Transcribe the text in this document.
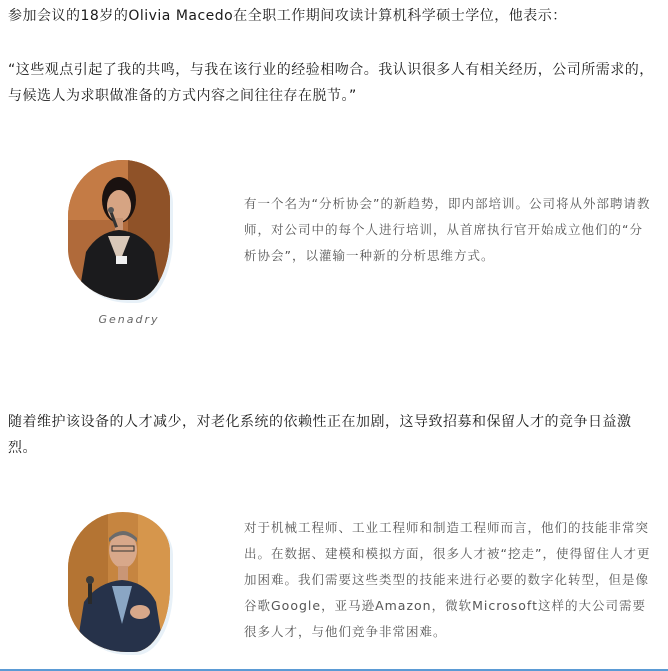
参加会议的18岁的Olivia Macedo在全职工作期间攻读计算机科学硕士学位，他表示：
“这些观点引起了我的共鸣，与我在该行业的经验相吻合。我认识很多人有相关经历，公司所需求的，与候选人为求职做准备的方式内容之间往往存在脱节。”
Genadry
有一个名为“分析协会”的新趋势，即内部培训。公司将从外部聘请教师，对公司中的每个人进行培训，从首席执行官开始成立他们的“分析协会”，以灌输一种新的分析思维方式。
随着维护该设备的人才减少，对老化系统的依赖性正在加剧，这导致招募和保留人才的竞争日益激烈。
对于机械工程师、工业工程师和制造工程师而言，他们的技能非常突出。在数据、建模和模拟方面，很多人才被“挖走”，使得留住人才更加困难。我们需要这些类型的技能来进行必要的数字化转型，但是像谷歌Google，亚马逊Amazon，微软Microsoft这样的大公司需要很多人才，与他们竞争非常困难。
